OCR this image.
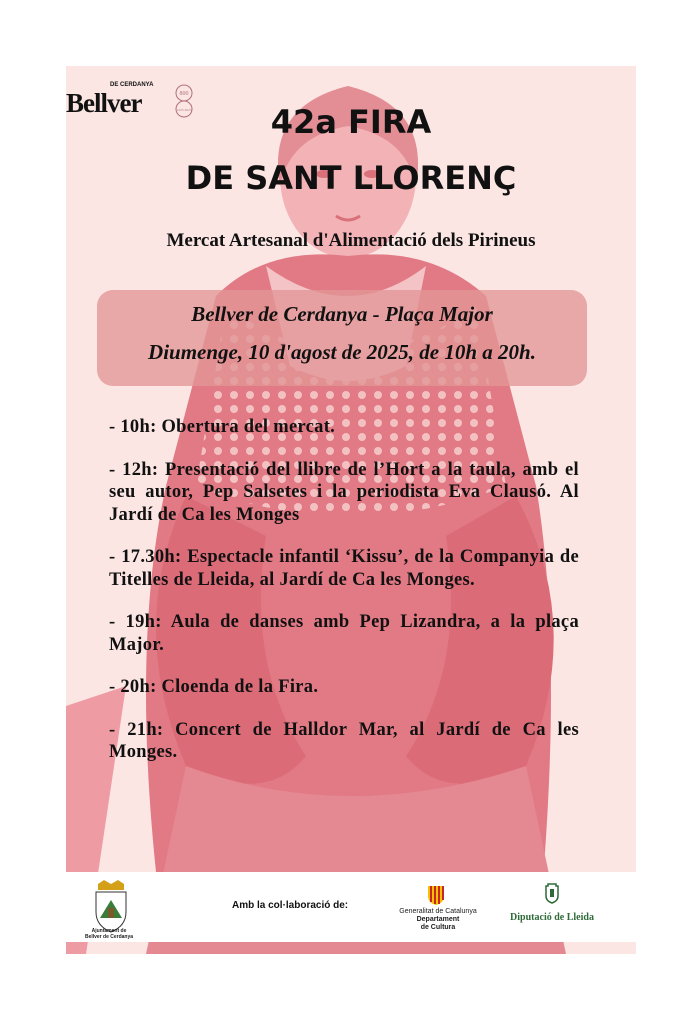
DE CERDANYA
Bellver	800
1225 2025	42a FIRA
DE SANT LLORENÇ
Mercat Artesanal d'Alimentació dels Pirineus
Bellver de Cerdanya - Plaça Major
Diumenge, 10 d'agost de 2025, de 10h a 20h.

- 10h: Obertura del mercat.

- 12h: Presentació del llibre de l’Hort a la taula, amb el seu autor, Pep Salsetes i la periodista Eva Clausó. Al Jardí de Ca les Monges

- 17.30h: Espectacle infantil ‘Kissu’, de la Companyia de Titelles de Lleida, al Jardí de Ca les Monges.

- 19h: Aula de danses amb Pep Lizandra, a la plaça Major.

- 20h: Cloenda de la Fira.

- 21h: Concert de Halldor Mar, al Jardí de Ca les Monges.

Ajuntament de
Bellver de Cerdanya
Amb la col·laboració de:
Generalitat de Catalunya
Departament
de Cultura
Diputació de Lleida
